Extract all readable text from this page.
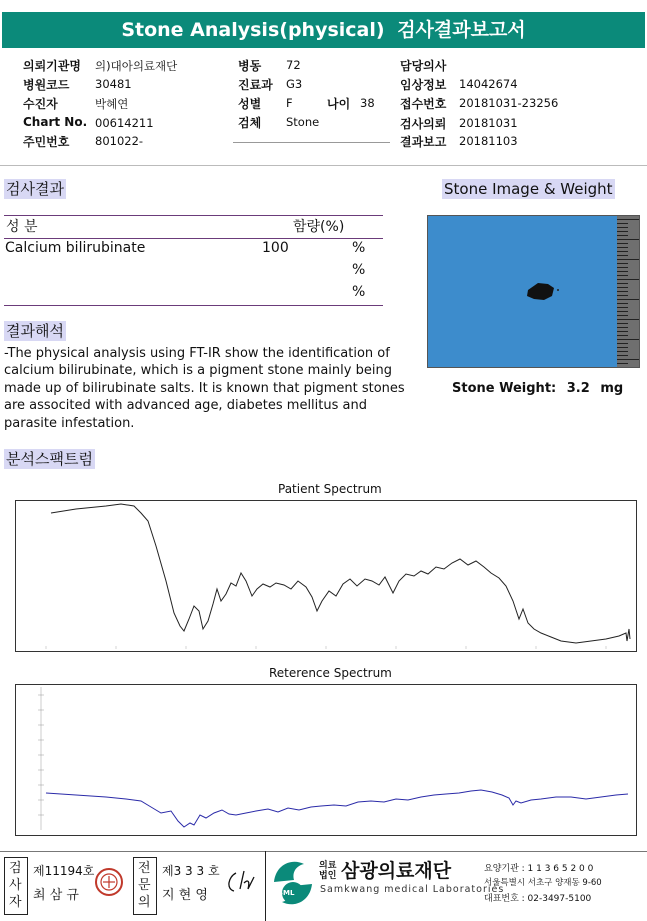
Stone Analysis(physical) 검사결과보고서
의뢰기관명 의)대아의료재단
병원코드 30481
수진자	박혜연
Chart No. 00614211
주민번호 801022-
병동 72
진료과 G3
성별 F	나이 38
검체 Stone
담당의사
임상정보 14042674
접수번호 20181031-23256
검사의뢰 20181031
결과보고 20181103
검사결과
성 분	함량(%)
Calcium bilirubinate	100	%
%
%
결과해석
-The physical analysis using FT-IR show the identification of calcium bilirubinate, which is a pigment stone mainly being made up of bilirubinate salts. It is known that pigment stones are associted with advanced age, diabetes mellitus and parasite infestation.
Stone Image & Weight
Stone Weight: 3.2 mg
분석스팩트럼
Patient Spectrum
Reterence Spectrum
검사자
제11194호
최 삼 규
전문의
제3 3 3 호
지 현 영	SML
의료
법인 삼광의료재단
Samkwang medical Laboratories
요양기관 : 1 1 3 6 5 2 0 0
서울특별시 서초구 양재동 9-60
대표번호 : 02-3497-5100
